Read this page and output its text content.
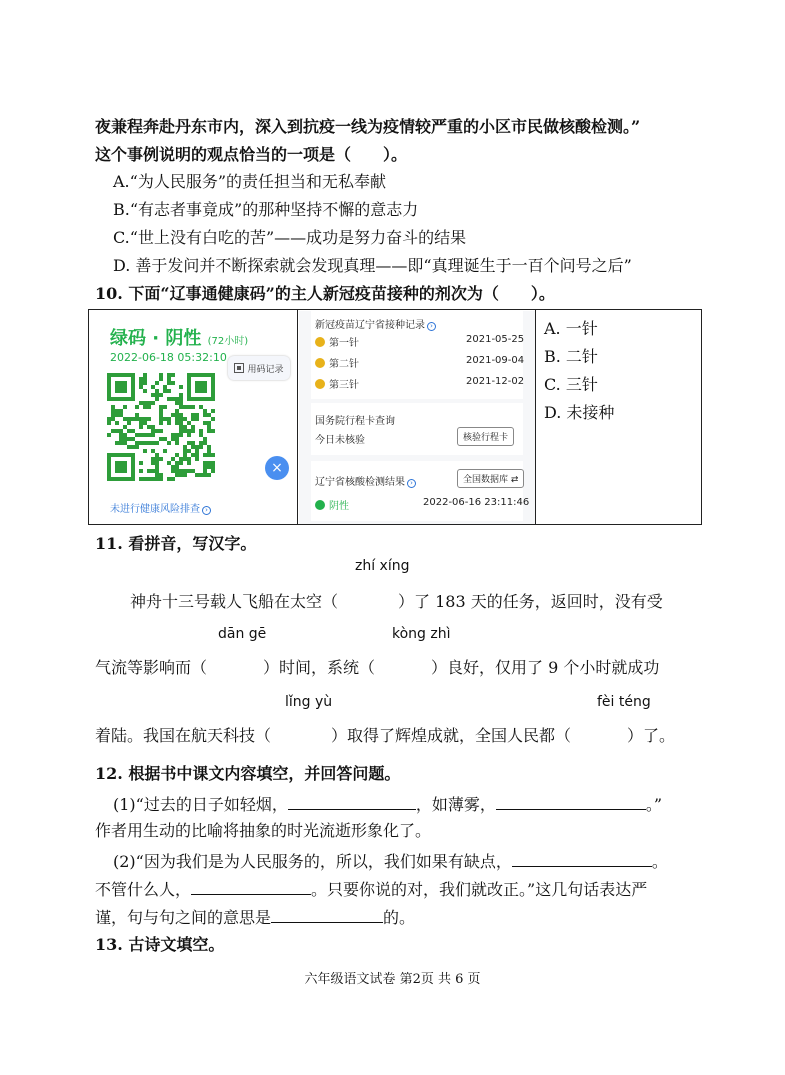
夜兼程奔赴丹东市内，深入到抗疫一线为疫情较严重的小区市民做核酸检测。”
这个事例说明的观点恰当的一项是（　　）。
A.“为人民服务”的责任担当和无私奉献
B.“有志者事竟成”的那种坚持不懈的意志力
C.“世上没有白吃的苦”——成功是努力奋斗的结果
D. 善于发问并不断探索就会发现真理——即“真理诞生于一百个问号之后”
10. 下面“辽事通健康码”的主人新冠疫苗接种的剂次为（　　）。
绿码 · 阴性 (72小时)
2022-06-18 05:32:10
用码记录
×
未进行健康风险排查 ›
新冠疫苗辽宁省接种记录 ›
第一针	2021-05-25
第二针	2021-09-04
第三针	2021-12-02
国务院行程卡查询
今日未核验	核验行程卡
辽宁省核酸检测结果 ›	全国数据库 ⇄
阴性	2022-06-16 23:11:46
A. 一针
B. 二针
C. 三针
D. 未接种
11. 看拼音，写汉字。
zhí xíng
神舟十三号载人飞船在太空（	）了 183 天的任务，返回时，没有受
dān gē	kòng zhì
气流等影响而（	）时间，系统（	）良好，仅用了 9 个小时就成功
lǐng yù	fèi téng
着陆。我国在航天科技（	）取得了辉煌成就，全国人民都（	）了。
12. 根据书中课文内容填空，并回答问题。
(1)“过去的日子如轻烟，	，如薄雾，	。”
作者用生动的比喻将抽象的时光流逝形象化了。
(2)“因为我们是为人民服务的，所以，我们如果有缺点，	。
不管什么人，	。只要你说的对，我们就改正。”这几句话表达严
谨，句与句之间的意思是	的。
13. 古诗文填空。
六年级语文试卷 第2页 共 6 页
